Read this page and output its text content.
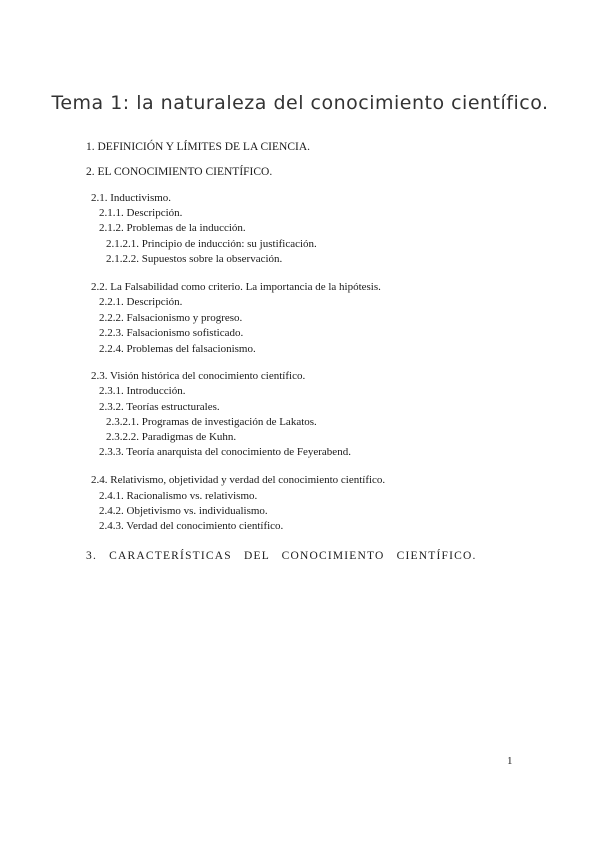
Tema 1: la naturaleza del conocimiento científico.
1. DEFINICIÓN Y LÍMITES DE LA CIENCIA.
2. EL CONOCIMIENTO CIENTÍFICO.
2.1. Inductivismo.
2.1.1. Descripción.
2.1.2. Problemas de la inducción.
2.1.2.1. Principio de inducción: su justificación.
2.1.2.2. Supuestos sobre la observación.
2.2. La Falsabilidad como criterio. La importancia de la hipótesis.
2.2.1. Descripción.
2.2.2. Falsacionismo y progreso.
2.2.3. Falsacionismo sofisticado.
2.2.4. Problemas del falsacionismo.
2.3. Visión histórica del conocimiento científico.
2.3.1. Introducción.
2.3.2. Teorías estructurales.
2.3.2.1. Programas de investigación de Lakatos.
2.3.2.2. Paradigmas de Kuhn.
2.3.3. Teoría anarquista del conocimiento de Feyerabend.
2.4. Relativismo, objetividad y verdad del conocimiento científico.
2.4.1. Racionalismo vs. relativismo.
2.4.2. Objetivismo vs. individualismo.
2.4.3. Verdad del conocimiento científico.
3. CARACTERÍSTICAS DEL CONOCIMIENTO CIENTÍFICO.
1
